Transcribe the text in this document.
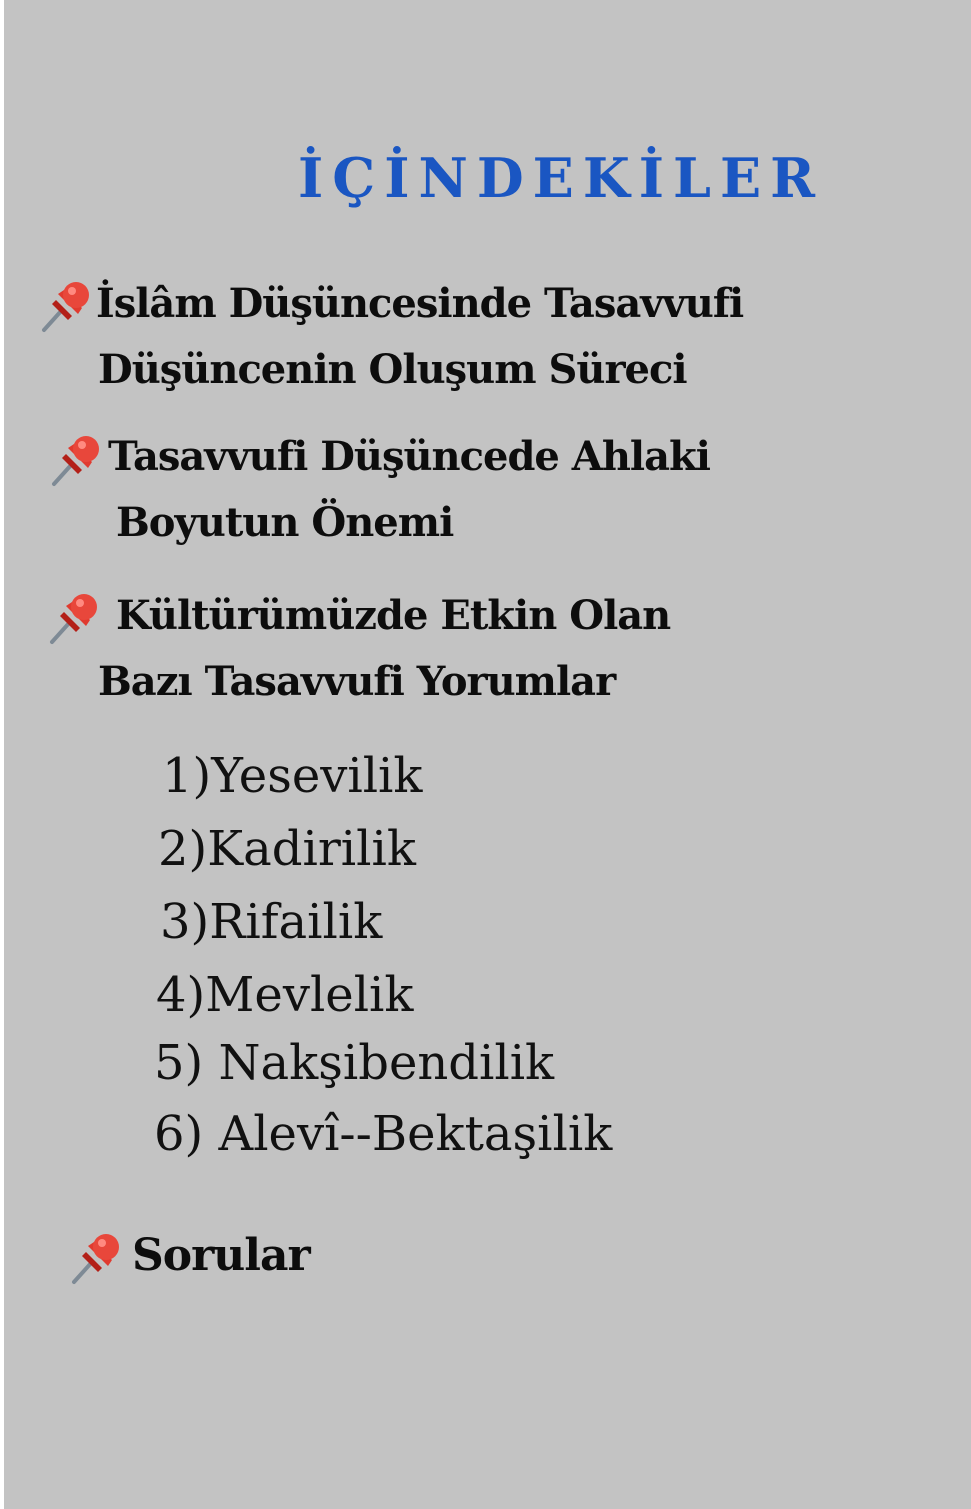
İÇİNDEKİLER
İslâm Düşüncesinde Tasavvufi
Düşüncenin Oluşum Süreci
Tasavvufi Düşüncede Ahlaki
Boyutun Önemi
Kültürümüzde Etkin Olan
Bazı Tasavvufi Yorumlar
1)Yesevilik
2)Kadirilik
3)Rifailik
4)Mevlelik
5) Nakşibendilik
6) Alevî--Bektaşilik
Sorular
